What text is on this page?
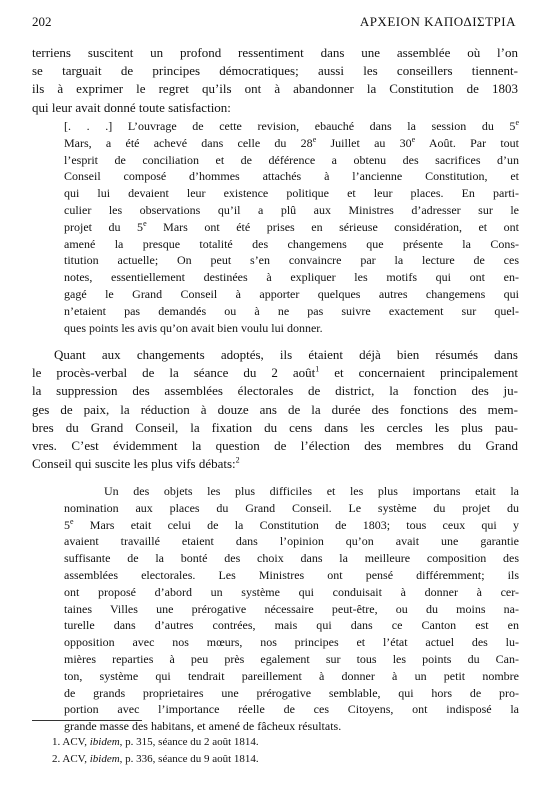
202	ΑΡΧΕΙΟΝ ΚΑΠΟΔΙΣΤΡΙΑ
terriens suscitent un profond ressentiment dans une assemblée où l’on
se targuait de principes démocratiques; aussi les conseillers tiennent-
ils à exprimer le regret qu’ils ont à abandonner la Constitution de 1803
qui leur avait donné toute satisfaction:
[. . .] L’ouvrage de cette revision, ebauché dans la session du 5e
Mars, a été achevé dans celle du 28e Juillet au 30e Août. Par tout
l’esprit de conciliation et de déférence a obtenu des sacrifices d’un
Conseil composé d’hommes attachés à l’ancienne Constitution, et
qui lui devaient leur existence politique et leur places. En parti-
culier les observations qu’il a plû aux Ministres d’adresser sur le
projet du 5e Mars ont été prises en sérieuse considération, et ont
amené la presque totalité des changemens que présente la Cons-
titution actuelle; On peut s’en convaincre par la lecture de ces
notes, essentiellement destinées à expliquer les motifs qui ont en-
gagé le Grand Conseil à apporter quelques autres changemens qui
n’etaient pas demandés ou à ne pas suivre exactement sur quel-
ques points les avis qu’on avait bien voulu lui donner.
Quant aux changements adoptés, ils étaient déjà bien résumés dans
le procès-verbal de la séance du 2 août$^1$ et concernaient principalement
la suppression des assemblées électorales de district, la fonction des ju-
ges de paix, la réduction à douze ans de la durée des fonctions des mem-
bres du Grand Conseil, la fixation du cens dans les cercles les plus pau-
vres. C’est évidemment la question de l’élection des membres du Grand
Conseil qui suscite les plus vifs débats:$^2$
Un des objets les plus difficiles et les plus importans etait la
nomination aux places du Grand Conseil. Le système du projet du
5e Mars etait celui de la Constitution de 1803; tous ceux qui y
avaient travaillé etaient dans l’opinion qu’on avait une garantie
suffisante de la bonté des choix dans la meilleure composition des
assemblées electorales. Les Ministres ont pensé différemment; ils
ont proposé d’abord un système qui conduisait à donner à cer-
taines Villes une prérogative nécessaire peut-être, ou du moins na-
turelle dans d’autres contrées, mais qui dans ce Canton est en
opposition avec nos mœurs, nos principes et l’état actuel des lu-
mières reparties à peu près egalement sur tous les points du Can-
ton, système qui tendrait pareillement à donner à un petit nombre
de grands proprietaires une prérogative semblable, qui hors de pro-
portion avec l’importance réelle de ces Citoyens, ont indisposé la
grande masse des habitans, et amené de fâcheux résultats.
1. ACV, ibidem, p. 315, séance du 2 août 1814.
2. ACV, ibidem, p. 336, séance du 9 août 1814.
